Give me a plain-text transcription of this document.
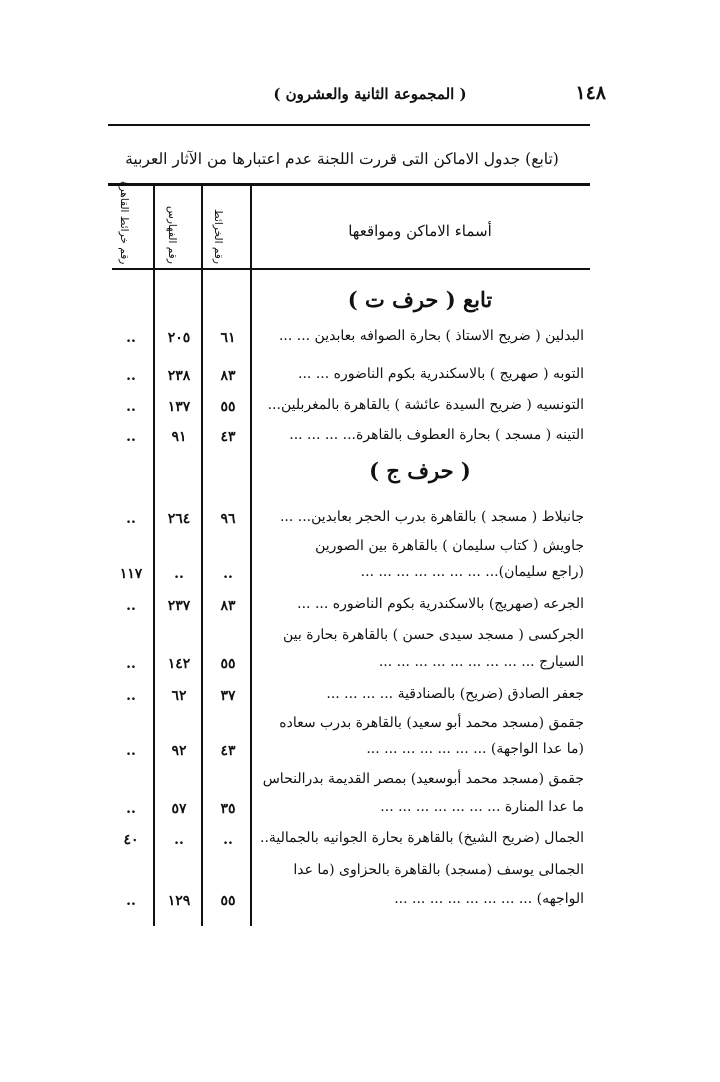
١٤٨
( المجموعة الثانية والعشرون )
(تابع) جدول الاماكن التى قررت اللجنة عدم اعتبارها من الآثار العربية
أسماء الاماكن ومواقعها
رقم الخرائط
رقم الفهارس
رقم خرائط القاهرة
تابع ( حرف ت )
( حرف ج )
البدلين ( ضريح الاستاذ ) بحارة الصوافه بعابدين ... ...
٦١
٢٠٥
..
التوبه ( صهريج ) بالاسكندرية بكوم الناضوره ... ...
٨٣
٢٣٨
..
التونسيه ( ضريح السيدة عائشة ) بالقاهرة بالمغربلين...
٥٥
١٣٧
..
التينه ( مسجد ) بحارة العطوف بالقاهرة... ... ... ...
٤٣
٩١
..
جانبلاط ( مسجد ) بالقاهرة بدرب الحجر بعابدين... ...
٩٦
٢٦٤
..
جاويش ( كتاب سليمان ) بالقاهرة بين الصورين
(راجع سليمان)... ... ... ... ... ... ... ...
..
..
١١٧
الجرعه (صهريج) بالاسكندرية بكوم الناضوره ... ...
٨٣
٢٣٧
..
الجركسى ( مسجد سيدى حسن ) بالقاهرة بحارة بين
السيارج ... ... ... ... ... ... ... ... ...
٥٥
١٤٢
..
جعفر الصادق (ضريح) بالصنادقية ... ... ... ...
٣٧
٦٢
..
جقمق (مسجد محمد أبو سعيد) بالقاهرة بدرب سعاده
(ما عدا الواجهة) ... ... ... ... ... ... ...
٤٣
٩٢
..
جقمق (مسجد محمد أبوسعيد) بمصر القديمة بدرالنحاس
ما عدا المنارة ... ... ... ... ... ... ...
٣٥
٥٧
..
الجمال (ضريح الشيخ) بالقاهرة بحارة الجوانيه بالجمالية..
..
..
٤٠
الجمالى يوسف (مسجد) بالقاهرة بالحزاوى (ما عدا
الواجهه) ... ... ... ... ... ... ... ...
٥٥
١٢٩
..
